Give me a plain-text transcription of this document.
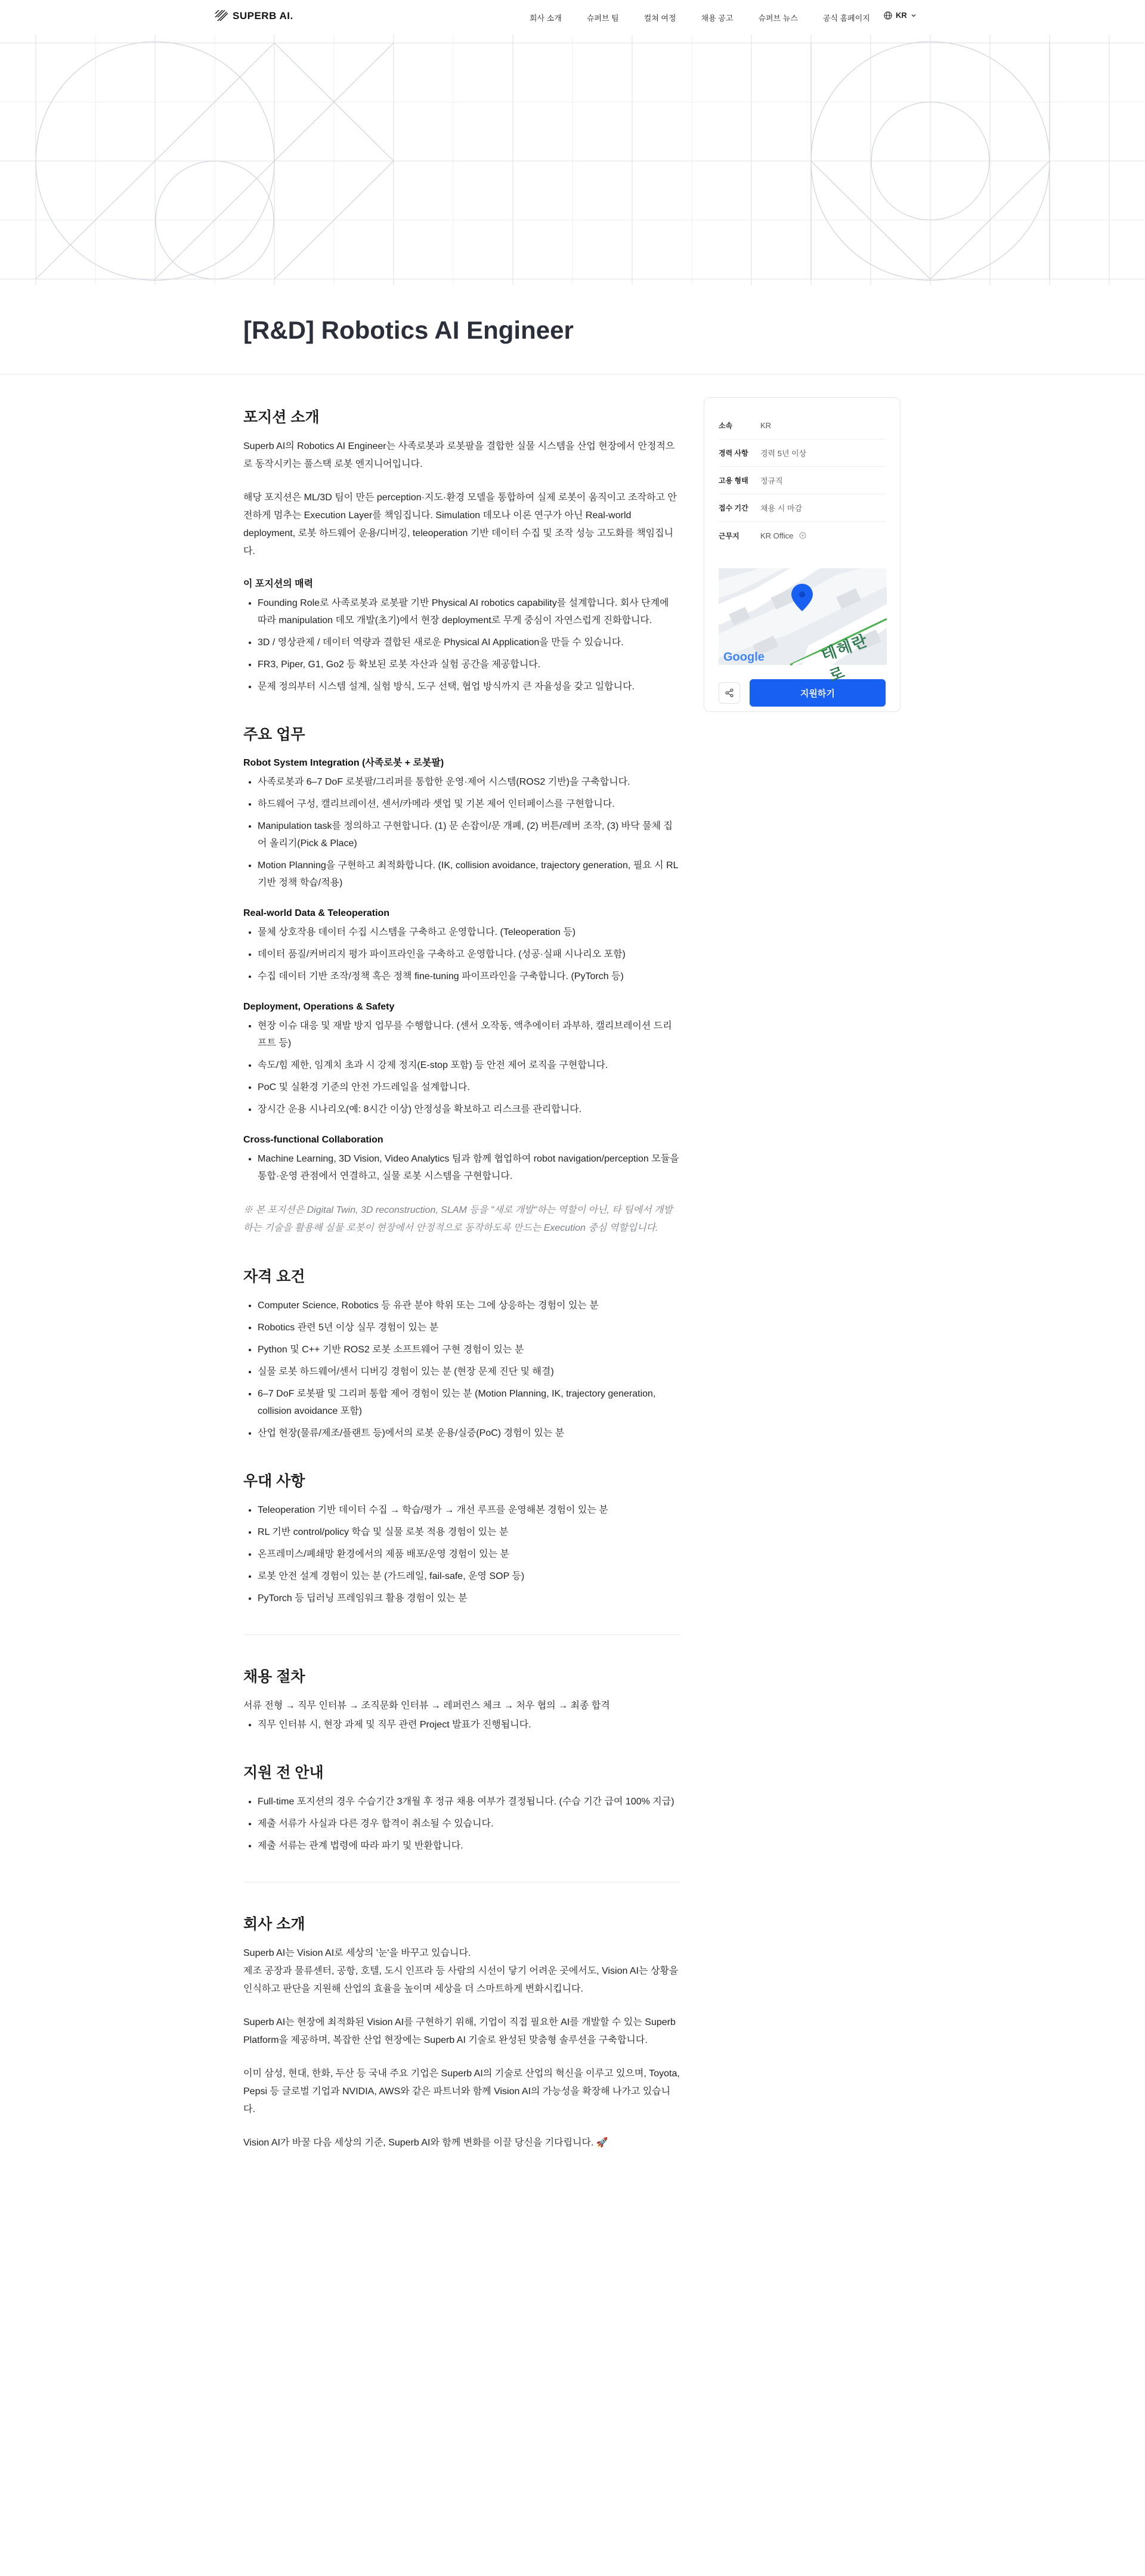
SUPERB AI.	회사 소개	슈퍼브 팀	컬쳐 여정	채용 공고	슈퍼브 뉴스	공식 홈페이지	KR
[R&D] Robotics AI Engineer
포지션 소개

Superb AI의 Robotics AI Engineer는 사족로봇과 로봇팔을 결합한 실물 시스템을 산업 현장에서 안정적으로 동작시키는 풀스택 로봇 엔지니어입니다.

해당 포지션은 ML/3D 팀이 만든 perception·지도·환경 모델을 통합하여 실제 로봇이 움직이고 조작하고 안전하게 멈추는 Execution Layer를 책임집니다. Simulation 데모나 이론 연구가 아닌 Real-world deployment, 로봇 하드웨어 운용/디버깅, teleoperation 기반 데이터 수집 및 조작 성능 고도화를 책임집니다.

이 포지션의 매력
• Founding Role로 사족로봇과 로봇팔 기반 Physical AI robotics capability를 설계합니다. 회사 단계에 따라 manipulation 데모 개발(초기)에서 현장 deployment로 무게 중심이 자연스럽게 진화합니다.
• 3D / 영상관제 / 데이터 역량과 결합된 새로운 Physical AI Application을 만들 수 있습니다.
• FR3, Piper, G1, Go2 등 확보된 로봇 자산과 실험 공간을 제공합니다.
• 문제 정의부터 시스템 설계, 실험 방식, 도구 선택, 협업 방식까지 큰 자율성을 갖고 일합니다.
주요 업무
Robot System Integration (사족로봇 + 로봇팔)
• 사족로봇과 6–7 DoF 로봇팔/그리퍼를 통합한 운영·제어 시스템(ROS2 기반)을 구축합니다.
• 하드웨어 구성, 캘리브레이션, 센서/카메라 셋업 및 기본 제어 인터페이스를 구현합니다.
• Manipulation task를 정의하고 구현합니다. (1) 문 손잡이/문 개폐, (2) 버튼/레버 조작, (3) 바닥 물체 집어 올리기(Pick & Place)
• Motion Planning을 구현하고 최적화합니다. (IK, collision avoidance, trajectory generation, 필요 시 RL 기반 정책 학습/적용)
Real-world Data & Teleoperation
• 물체 상호작용 데이터 수집 시스템을 구축하고 운영합니다. (Teleoperation 등)
• 데이터 품질/커버리지 평가 파이프라인을 구축하고 운영합니다. (성공·실패 시나리오 포함)
• 수집 데이터 기반 조작/정책 혹은 정책 fine-tuning 파이프라인을 구축합니다. (PyTorch 등)
Deployment, Operations & Safety
• 현장 이슈 대응 및 재발 방지 업무를 수행합니다. (센서 오작동, 액추에이터 과부하, 캘리브레이션 드리프트 등)
• 속도/힘 제한, 임계치 초과 시 강제 정지(E-stop 포함) 등 안전 제어 로직을 구현합니다.
• PoC 및 실환경 기준의 안전 가드레일을 설계합니다.
• 장시간 운용 시나리오(예: 8시간 이상) 안정성을 확보하고 리스크를 관리합니다.
Cross-functional Collaboration
• Machine Learning, 3D Vision, Video Analytics 팀과 함께 협업하여 robot navigation/perception 모듈을 통합·운영 관점에서 연결하고, 실물 로봇 시스템을 구현합니다.

※ 본 포지션은 Digital Twin, 3D reconstruction, SLAM 등을 "새로 개발"하는 역할이 아닌, 타 팀에서 개발하는 기술을 활용해 실물 로봇이 현장에서 안정적으로 동작하도록 만드는 Execution 중심 역할입니다.

자격 요건
• Computer Science, Robotics 등 유관 분야 학위 또는 그에 상응하는 경험이 있는 분
• Robotics 관련 5년 이상 실무 경험이 있는 분
• Python 및 C++ 기반 ROS2 로봇 소프트웨어 구현 경험이 있는 분
• 실물 로봇 하드웨어/센서 디버깅 경험이 있는 분 (현장 문제 진단 및 해결)
• 6–7 DoF 로봇팔 및 그리퍼 통합 제어 경험이 있는 분 (Motion Planning, IK, trajectory generation, collision avoidance 포함)
• 산업 현장(물류/제조/플랜트 등)에서의 로봇 운용/실증(PoC) 경험이 있는 분
우대 사항
• Teleoperation 기반 데이터 수집 → 학습/평가 → 개선 루프를 운영해본 경험이 있는 분
• RL 기반 control/policy 학습 및 실물 로봇 적용 경험이 있는 분
• 온프레미스/폐쇄망 환경에서의 제품 배포/운영 경험이 있는 분
• 로봇 안전 설계 경험이 있는 분 (가드레일, fail-safe, 운영 SOP 등)
• PyTorch 등 딥러닝 프레임워크 활용 경험이 있는 분
채용 절차

서류 전형 → 직무 인터뷰 → 조직문화 인터뷰 → 레퍼런스 체크 → 처우 협의 → 최종 합격

• 직무 인터뷰 시, 현장 과제 및 직무 관련 Project 발표가 진행됩니다.
지원 전 안내
• Full-time 포지션의 경우 수습기간 3개월 후 정규 채용 여부가 결정됩니다. (수습 기간 급여 100% 지급)
• 제출 서류가 사실과 다른 경우 합격이 취소될 수 있습니다.
• 제출 서류는 관계 법령에 따라 파기 및 반환합니다.
회사 소개

Superb AI는 Vision AI로 세상의 '눈'을 바꾸고 있습니다.

제조 공장과 물류센터, 공항, 호텔, 도시 인프라 등 사람의 시선이 닿기 어려운 곳에서도, Vision AI는 상황을 인식하고 판단을 지원해 산업의 효율을 높이며 세상을 더 스마트하게 변화시킵니다.

Superb AI는 현장에 최적화된 Vision AI를 구현하기 위해, 기업이 직접 필요한 AI를 개발할 수 있는 Superb Platform을 제공하며, 복잡한 산업 현장에는 Superb AI 기술로 완성된 맞춤형 솔루션을 구축합니다.

이미 삼성, 현대, 한화, 두산 등 국내 주요 기업은 Superb AI의 기술로 산업의 혁신을 이루고 있으며, Toyota, Pepsi 등 글로벌 기업과 NVIDIA, AWS와 같은 파트너와 함께 Vision AI의 가능성을 확장해 나가고 있습니다.

Vision AI가 바꿀 다음 세상의 기준, Superb AI와 함께 변화를 이끌 당신을 기다립니다. 🚀

소속	KR
경력 사항	경력 5년 이상
고용 형태	정규직
접수 기간	채용 시 마감
근무지	KR Office
테헤란로
Google
지원하기
